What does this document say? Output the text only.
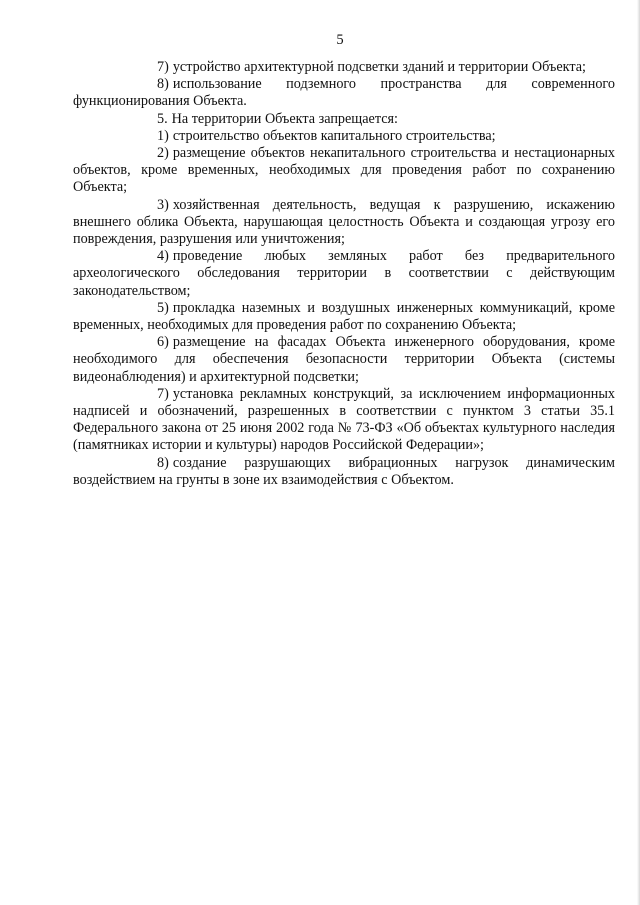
5

7) устройство архитектурной подсветки зданий и территории Объекта;

8) использование подземного пространства для современного функционирования Объекта.

5. На территории Объекта запрещается:

1) строительство объектов капитального строительства;

2) размещение объектов некапитального строительства и нестационарных объектов, кроме временных, необходимых для проведения работ по сохранению Объекта;

3) хозяйственная деятельность, ведущая к разрушению, искажению внешнего облика Объекта, нарушающая целостность Объекта и создающая угрозу его повреждения, разрушения или уничтожения;

4) проведение любых земляных работ без предварительного археологического обследования территории в соответствии с действующим законодательством;

5) прокладка наземных и воздушных инженерных коммуникаций, кроме временных, необходимых для проведения работ по сохранению Объекта;

6) размещение на фасадах Объекта инженерного оборудования, кроме необходимого для обеспечения безопасности территории Объекта (системы видеонаблюдения) и архитектурной подсветки;

7) установка рекламных конструкций, за исключением информационных надписей и обозначений, разрешенных в соответствии с пунктом 3 статьи 35.1 Федерального закона от 25 июня 2002 года № 73-ФЗ «Об объектах культурного наследия (памятниках истории и культуры) народов Российской Федерации»;

8) создание разрушающих вибрационных нагрузок динамическим воздействием на грунты в зоне их взаимодействия с Объектом.
